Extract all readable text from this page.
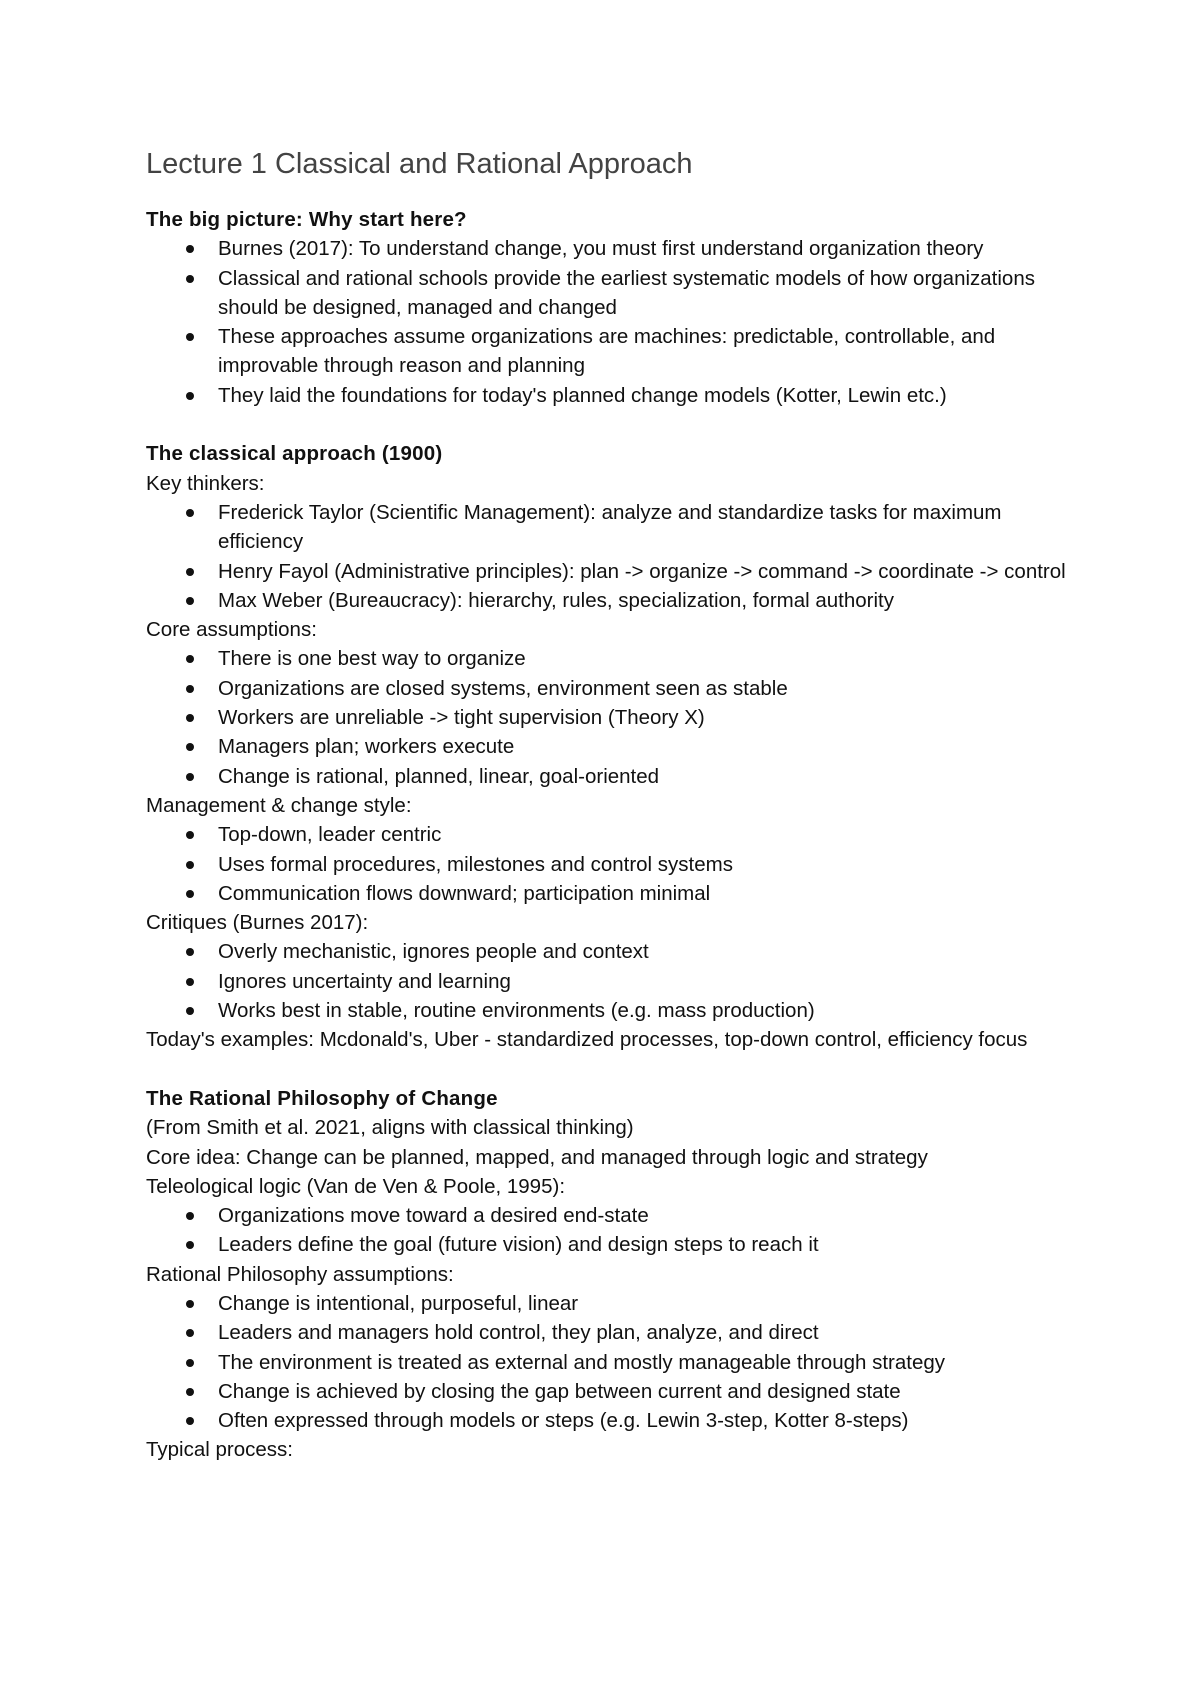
Lecture 1 Classical and Rational Approach
The big picture: Why start here?
Burnes (2017): To understand change, you must first understand organization theory
Classical and rational schools provide the earliest systematic models of how organizations should be designed, managed and changed
These approaches assume organizations are machines: predictable, controllable, and improvable through reason and planning
They laid the foundations for today's planned change models (Kotter, Lewin etc.)
The classical approach (1900)
Key thinkers:
Frederick Taylor (Scientific Management): analyze and standardize tasks for maximum efficiency
Henry Fayol (Administrative principles): plan -> organize -> command -> coordinate -> control
Max Weber (Bureaucracy): hierarchy, rules, specialization, formal authority
Core assumptions:
There is one best way to organize
Organizations are closed systems, environment seen as stable
Workers are unreliable -> tight supervision (Theory X)
Managers plan; workers execute
Change is rational, planned, linear, goal-oriented
Management & change style:
Top-down, leader centric
Uses formal procedures, milestones and control systems
Communication flows downward; participation minimal
Critiques (Burnes 2017):
Overly mechanistic, ignores people and context
Ignores uncertainty and learning
Works best in stable, routine environments (e.g. mass production)
Today's examples: Mcdonald's, Uber - standardized processes, top-down control, efficiency focus
The Rational Philosophy of Change
(From Smith et al. 2021, aligns with classical thinking)
Core idea: Change can be planned, mapped, and managed through logic and strategy
Teleological logic (Van de Ven & Poole, 1995):
Organizations move toward a desired end-state
Leaders define the goal (future vision) and design steps to reach it
Rational Philosophy assumptions:
Change is intentional, purposeful, linear
Leaders and managers hold control, they plan, analyze, and direct
The environment is treated as external and mostly manageable through strategy
Change is achieved by closing the gap between current and designed state
Often expressed through models or steps (e.g. Lewin 3-step, Kotter 8-steps)
Typical process:
